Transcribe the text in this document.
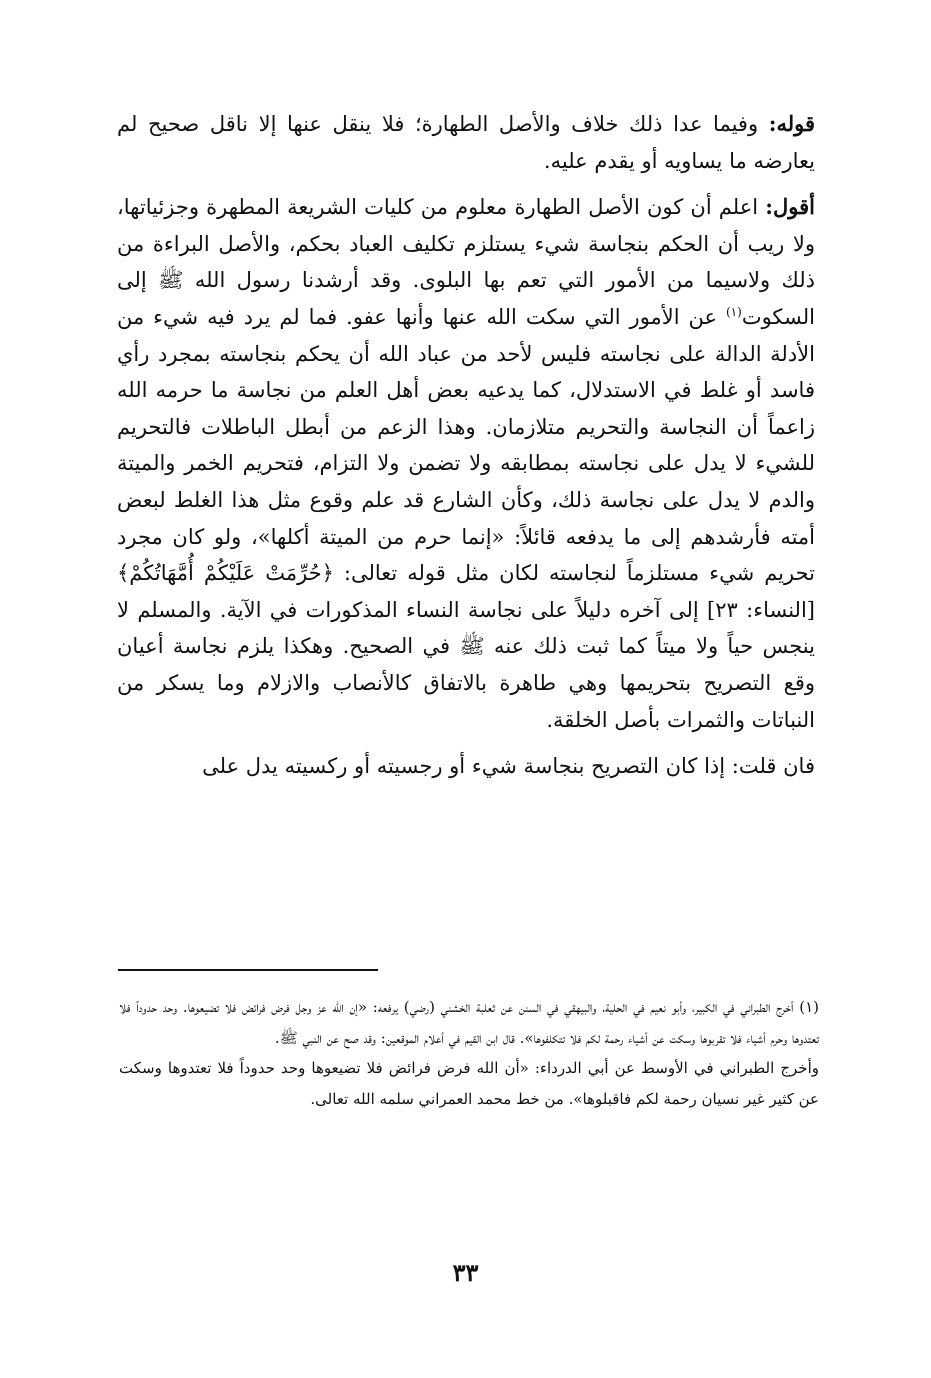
قوله: وفيما عدا ذلك خلاف والأصل الطهارة؛ فلا ينقل عنها إلا ناقل صحيح لم يعارضه ما يساويه أو يقدم عليه.

أقول: اعلم أن كون الأصل الطهارة معلوم من كليات الشريعة المطهرة وجزئياتها، ولا ريب أن الحكم بنجاسة شيء يستلزم تكليف العباد بحكم، والأصل البراءة من ذلك ولاسيما من الأمور التي تعم بها البلوى. وقد أرشدنا رسول الله ﷺ إلى السكوت$^{(١)}$ عن الأمور التي سكت الله عنها وأنها عفو. فما لم يرد فيه شيء من الأدلة الدالة على نجاسته فليس لأحد من عباد الله أن يحكم بنجاسته بمجرد رأي فاسد أو غلط في الاستدلال، كما يدعيه بعض أهل العلم من نجاسة ما حرمه الله زاعماً أن النجاسة والتحريم متلازمان. وهذا الزعم من أبطل الباطلات فالتحريم للشيء لا يدل على نجاسته بمطابقه ولا تضمن ولا التزام، فتحريم الخمر والميتة والدم لا يدل على نجاسة ذلك، وكأن الشارع قد علم وقوع مثل هذا الغلط لبعض أمته فأرشدهم إلى ما يدفعه قائلاً: «إنما حرم من الميتة أكلها»، ولو كان مجرد تحريم شيء مستلزماً لنجاسته لكان مثل قوله تعالى: ﴿حُرِّمَتْ عَلَيْكُمْ أُمَّهَاتُكُمْ﴾ [النساء: ٢٣] إلى آخره دليلاً على نجاسة النساء المذكورات في الآية. والمسلم لا ينجس حياً ولا ميتاً كما ثبت ذلك عنه ﷺ في الصحيح. وهكذا يلزم نجاسة أعيان وقع التصريح بتحريمها وهي طاهرة بالاتفاق كالأنصاب والازلام وما يسكر من النباتات والثمرات بأصل الخلقة.

فان قلت: إذا كان التصريح بنجاسة شيء أو رجسيته أو ركسيته يدل على

(١) أخرج الطبراني في الكبير، وأبو نعيم في الحلية، والبيهقي في السنن عن ثعلبة الخشني (رضي) يرفعه: «إن الله عز وجل فرض فرائض فلا تضيعوها. وحد حدوداً فلا تعتدوها وحرم أشياء فلا تقربوها وسكت عن أشياء رحمة لكم فلا تتكلفوها». قال ابن القيم في أعلام الموقعين: وقد صح عن النبي ﷺ.

وأخرج الطبراني في الأوسط عن أبي الدرداء: «أن الله فرض فرائض فلا تضيعوها وحد حدوداً فلا تعتدوها وسكت عن كثير غير نسيان رحمة لكم فاقبلوها». من خط محمد العمراني سلمه الله تعالى.

٣٣
